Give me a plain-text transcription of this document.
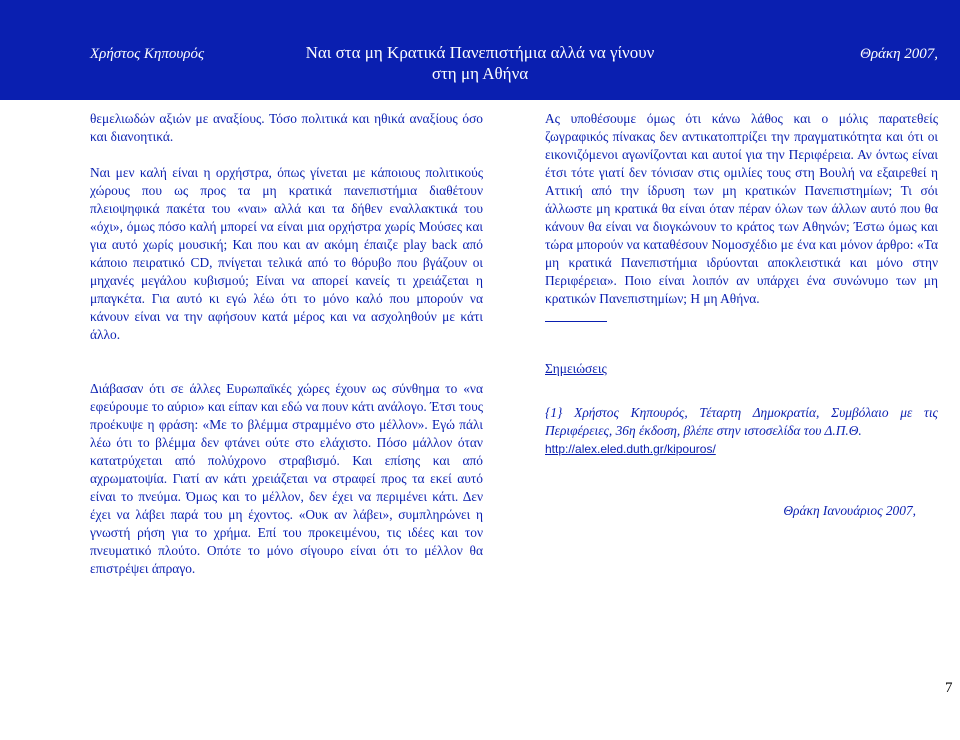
Χρήστος Κηπουρός	Ναι στα μη Κρατικά Πανεπιστήμια αλλά να γίνουν στη μη Αθήνα
Θράκη 2007,

θεμελιωδών αξιών με αναξίους. Τόσο πολιτικά και ηθικά αναξίους όσο και διανοητικά.

Ναι μεν καλή είναι η ορχήστρα, όπως γίνεται με κάποιους πολιτικούς χώρους που ως προς τα μη κρατικά πανεπιστήμια διαθέτουν πλειοψηφικά πακέτα του «ναι» αλλά και τα δήθεν εναλλακτικά του «όχι», όμως πόσο καλή μπορεί να είναι μια ορχήστρα χωρίς Μούσες και για αυτό χωρίς μουσική; Και που και αν ακόμη έπαιζε play back από κάποιο πειρατικό CD, πνίγεται τελικά από το θόρυβο που βγάζουν οι μηχανές μεγάλου κυβισμού; Είναι να απορεί κανείς τι χρειάζεται η μπαγκέτα. Για αυτό κι εγώ λέω ότι το μόνο καλό που μπορούν να κάνουν είναι να την αφήσουν κατά μέρος και να ασχοληθούν με κάτι άλλο.

Διάβασαν ότι σε άλλες Ευρωπαϊκές χώρες έχουν ως σύνθημα το «να εφεύρουμε το αύριο» και είπαν και εδώ να πουν κάτι ανάλογο. Έτσι τους προέκυψε η φράση: «Με το βλέμμα στραμμένο στο μέλλον». Εγώ πάλι λέω ότι το βλέμμα δεν φτάνει ούτε στο ελάχιστο. Πόσο μάλλον όταν κατατρύχεται από πολύχρονο στραβισμό. Και επίσης και από αχρωματοψία. Γιατί αν κάτι χρειάζεται να στραφεί προς τα εκεί αυτό είναι το πνεύμα. Όμως και το μέλλον, δεν έχει να περιμένει κάτι. Δεν έχει να λάβει παρά του μη έχοντος. «Ουκ αν λάβει», συμπληρώνει η γνωστή ρήση για το χρήμα. Επί του προκειμένου, τις ιδέες και τον πνευματικό πλούτο. Οπότε το μόνο σίγουρο είναι ότι το μέλλον θα επιστρέψει άπραγο.

Ας υποθέσουμε όμως ότι κάνω λάθος και ο μόλις παρατεθείς ζωγραφικός πίνακας δεν αντικατοπτρίζει την πραγματικότητα και ότι οι εικονιζόμενοι αγωνίζονται και αυτοί για την Περιφέρεια. Αν όντως είναι έτσι τότε γιατί δεν τόνισαν στις ομιλίες τους στη Βουλή να εξαιρεθεί η Αττική από την ίδρυση των μη κρατικών Πανεπιστημίων; Τι σόι άλλωστε μη κρατικά θα είναι όταν πέραν όλων των άλλων αυτό που θα κάνουν θα είναι να διογκώνουν το κράτος των Αθηνών; Έστω όμως και τώρα μπορούν να καταθέσουν Νομοσχέδιο με ένα και μόνον άρθρο: «Τα μη κρατικά Πανεπιστήμια ιδρύονται αποκλειστικά και μόνο στην Περιφέρεια». Ποιο είναι λοιπόν αν υπάρχει ένα συνώνυμο των μη κρατικών Πανεπιστημίων; Η μη Αθήνα.

Σημειώσεις

{1} Χρήστος Κηπουρός, Τέταρτη Δημοκρατία, Συμβόλαιο με τις Περιφέρειες, 36η έκδοση, βλέπε στην ιστοσελίδα του Δ.Π.Θ.
http://alex.eled.duth.gr/kipouros/

Θράκη Ιανουάριος 2007,

7
